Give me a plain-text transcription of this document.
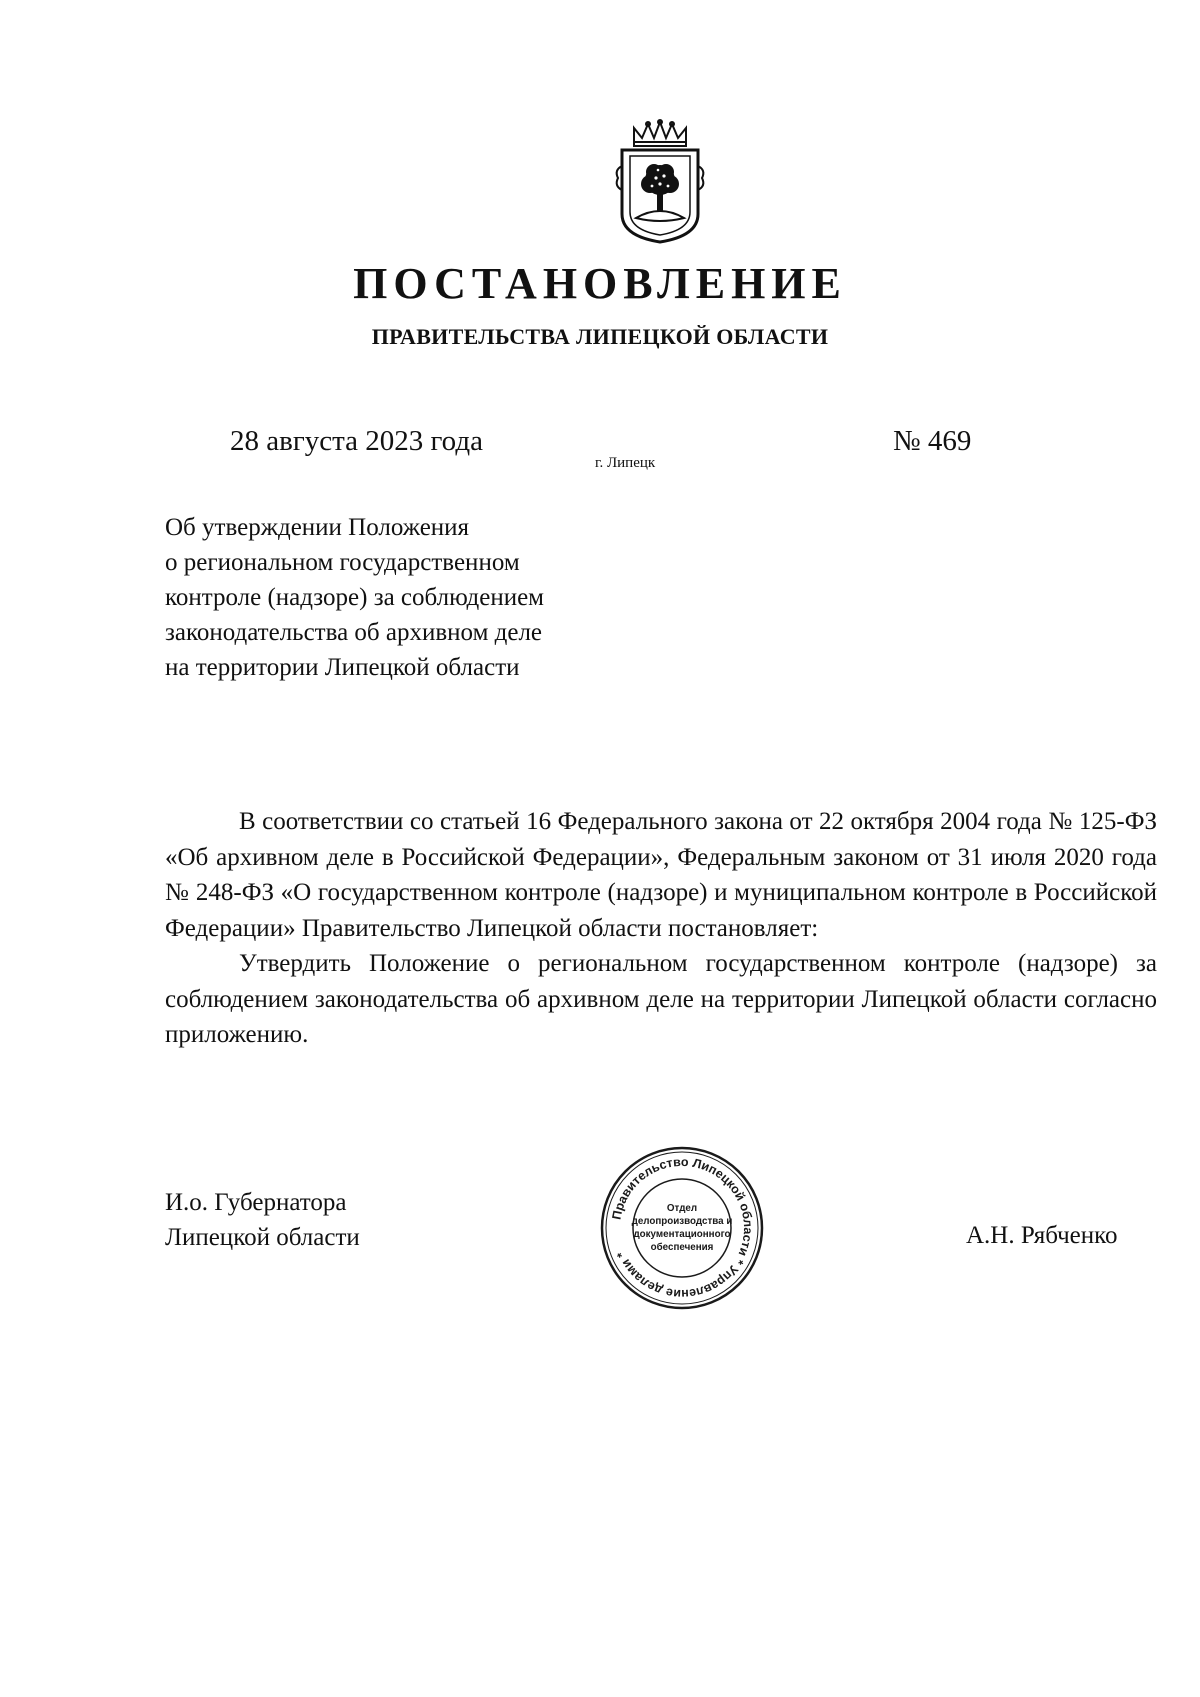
ПОСТАНОВЛЕНИЕ
ПРАВИТЕЛЬСТВА ЛИПЕЦКОЙ ОБЛАСТИ
28 августа 2023 года
г. Липецк
№ 469
Об утверждении Положения
о региональном государственном
контроле (надзоре) за соблюдением
законодательства об архивном деле
на территории Липецкой области

В соответствии со статьей 16 Федерального закона от 22 октября 2004 года № 125-ФЗ «Об архивном деле в Российской Федерации», Федеральным законом от 31 июля 2020 года № 248-ФЗ «О государственном контроле (надзоре) и муниципальном контроле в Российской Федерации» Правительство Липецкой области постановляет:

Утвердить Положение о региональном государственном контроле (надзоре) за соблюдением законодательства об архивном деле на территории Липецкой области согласно приложению.

И.о. Губернатора
Липецкой области	А.Н. Рябченко
Правительство Липецкой области * Управление делами *
Отдел
делопроизводства и
документационного
обеспечения
